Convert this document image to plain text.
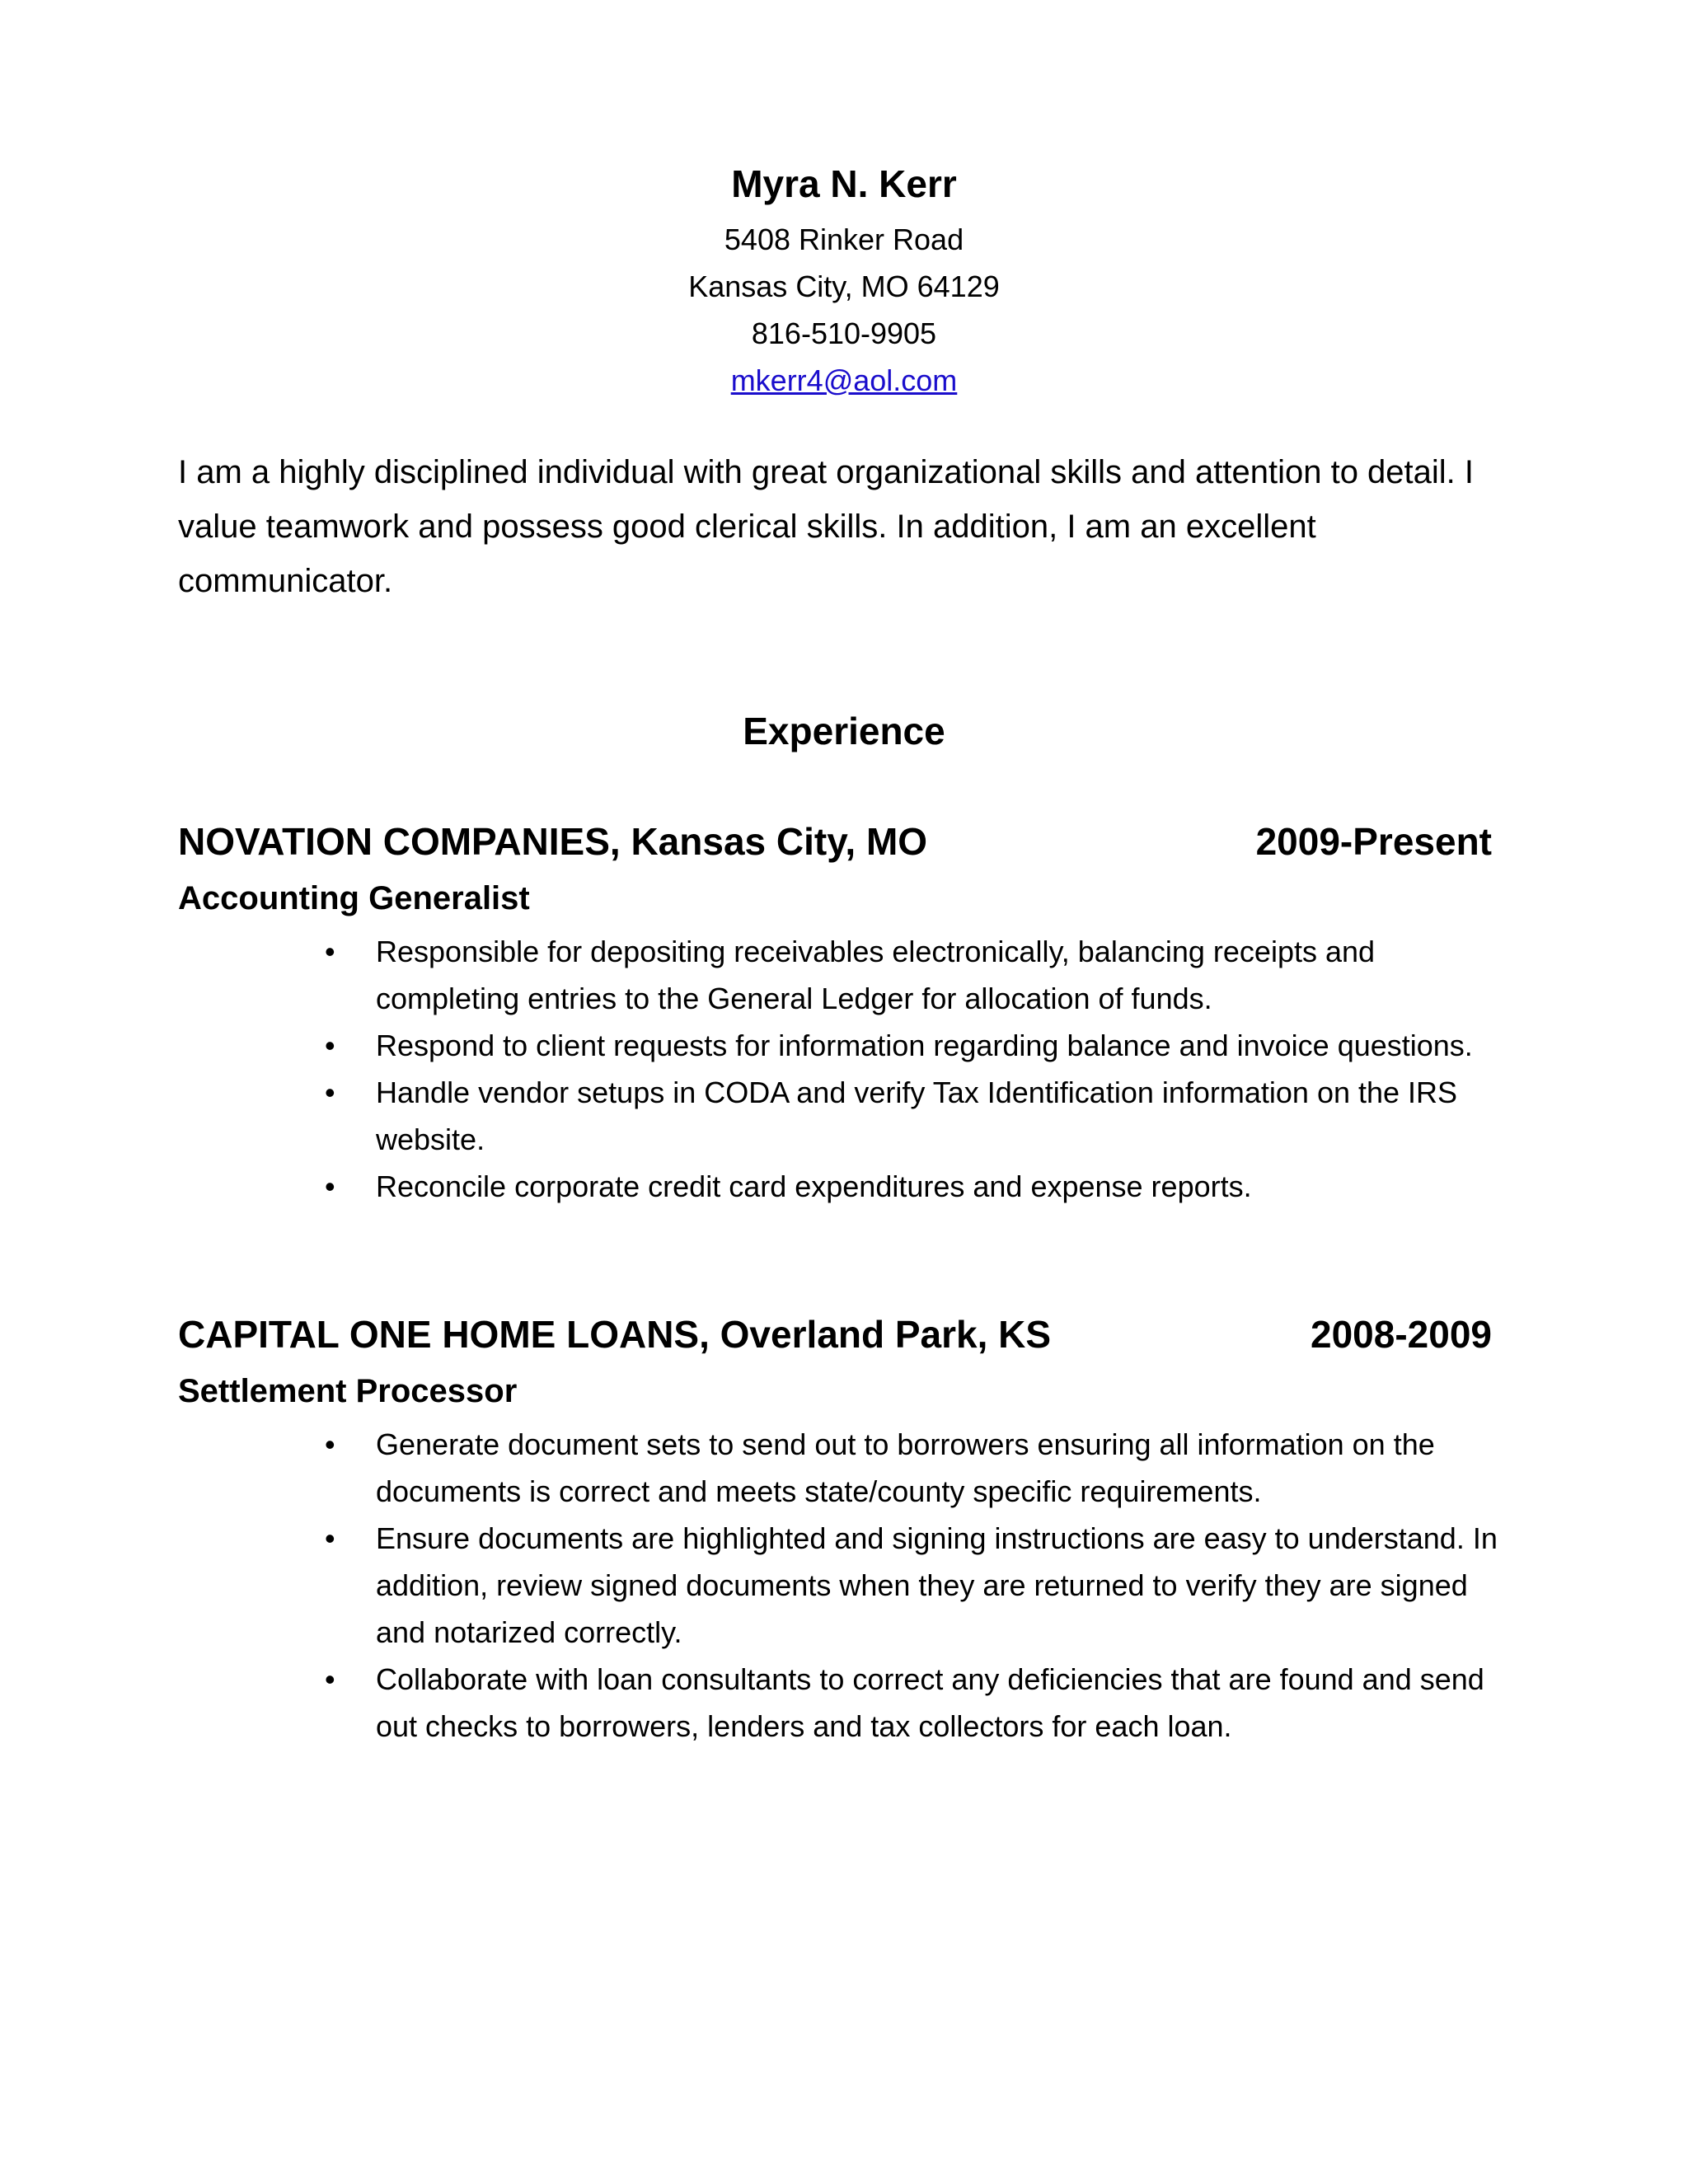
Myra N. Kerr
5408 Rinker Road
Kansas City, MO 64129
816-510-9905
mkerr4@aol.com
I am a highly disciplined individual with great organizational skills and attention to detail. I value teamwork and possess good clerical skills. In addition, I am an excellent communicator.
Experience
NOVATION COMPANIES, Kansas City, MO	2009-Present
Accounting Generalist
• Responsible for depositing receivables electronically, balancing receipts and completing entries to the General Ledger for allocation of funds.
• Respond to client requests for information regarding balance and invoice questions.
• Handle vendor setups in CODA and verify Tax Identification information on the IRS website.
• Reconcile corporate credit card expenditures and expense reports.
CAPITAL ONE HOME LOANS, Overland Park, KS	2008-2009
Settlement Processor
• Generate document sets to send out to borrowers ensuring all information on the documents is correct and meets state/county specific requirements.
• Ensure documents are highlighted and signing instructions are easy to understand. In addition, review signed documents when they are returned to verify they are signed and notarized correctly.
• Collaborate with loan consultants to correct any deficiencies that are found and send out checks to borrowers, lenders and tax collectors for each loan.
